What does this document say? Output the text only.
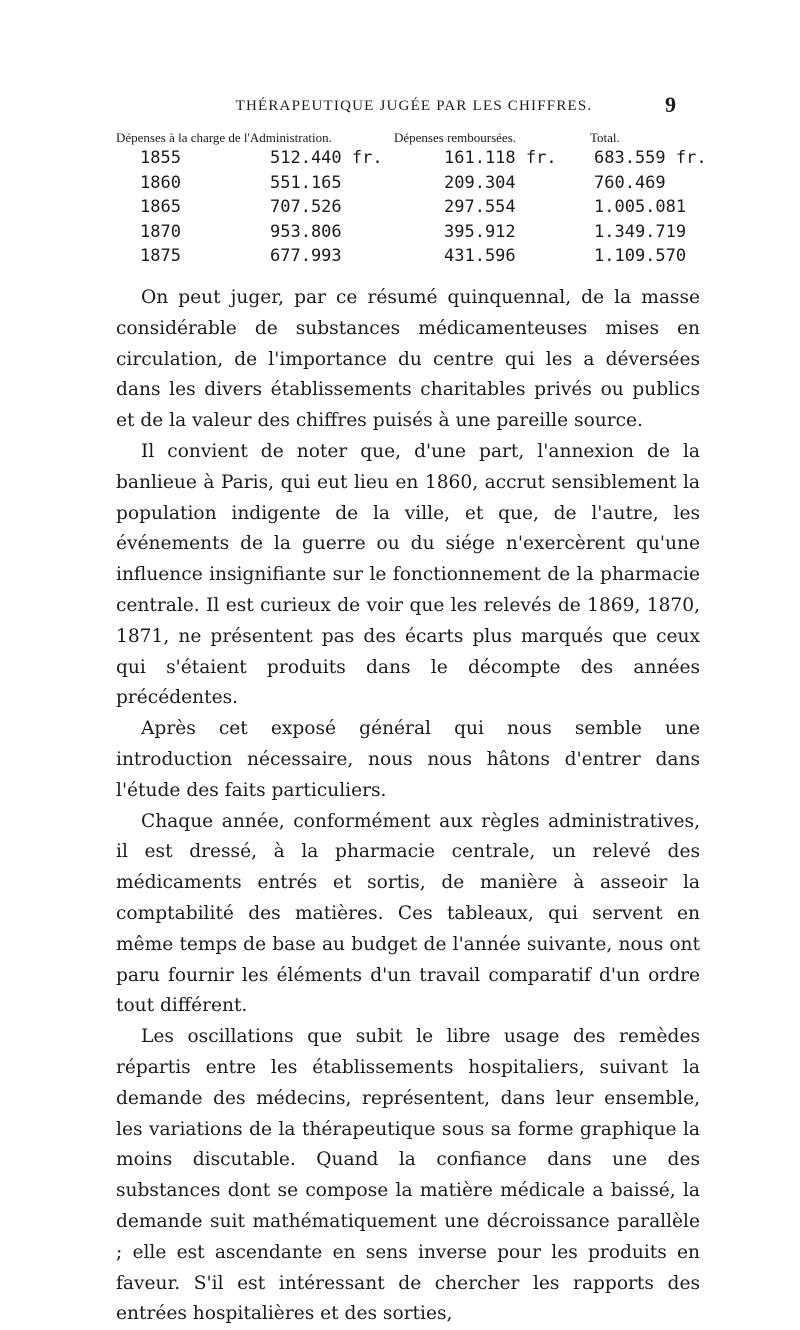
THÉRAPEUTIQUE JUGÉE PAR LES CHIFFRES.	9
Dépenses à la charge de l'Administration.	Dépenses remboursées.	Total.
1855	512.440 fr.	161.118 fr. 683.559 fr.
1860	551.165	209.304	760.469
1865	707.526	297.554	1.005.081
1870	953.806	395.912	1.349.719
1875	677.993	431.596	1.109.570

On peut juger, par ce résumé quinquennal, de la masse considérable de substances médicamenteuses mises en circulation, de l'importance du centre qui les a déversées dans les divers établissements charitables privés ou publics et de la valeur des chiffres puisés à une pareille source.

Il convient de noter que, d'une part, l'annexion de la banlieue à Paris, qui eut lieu en 1860, accrut sensiblement la population indigente de la ville, et que, de l'autre, les événements de la guerre ou du siége n'exercèrent qu'une influence insignifiante sur le fonctionnement de la pharmacie centrale. Il est curieux de voir que les relevés de 1869, 1870, 1871, ne présentent pas des écarts plus marqués que ceux qui s'étaient produits dans le décompte des années précédentes.

Après cet exposé général qui nous semble une introduction nécessaire, nous nous hâtons d'entrer dans l'étude des faits particuliers.

Chaque année, conformément aux règles administratives, il est dressé, à la pharmacie centrale, un relevé des médicaments entrés et sortis, de manière à asseoir la comptabilité des matières. Ces tableaux, qui servent en même temps de base au budget de l'année suivante, nous ont paru fournir les éléments d'un travail comparatif d'un ordre tout différent.

Les oscillations que subit le libre usage des remèdes répartis entre les établissements hospitaliers, suivant la demande des médecins, représentent, dans leur ensemble, les variations de la thérapeutique sous sa forme graphique la moins discutable. Quand la confiance dans une des substances dont se compose la matière médicale a baissé, la demande suit mathématiquement une décroissance parallèle ; elle est ascendante en sens inverse pour les produits en faveur. S'il est intéressant de chercher les rapports des entrées hospitalières et des sorties,
